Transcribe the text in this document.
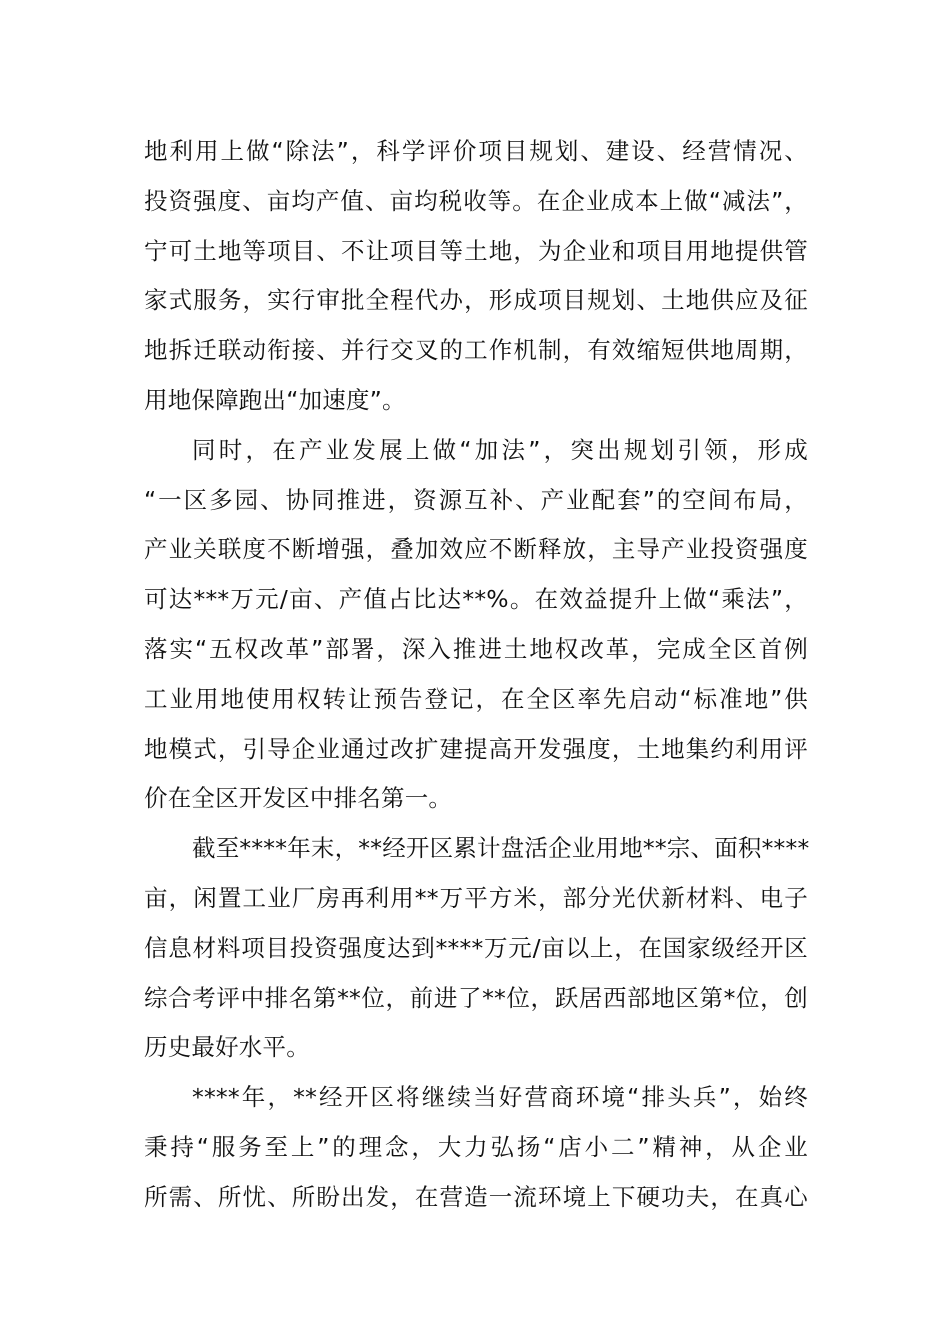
地利用上做“除法”，科学评价项目规划、建设、经营情况、
投资强度、亩均产值、亩均税收等。在企业成本上做“减法”，
宁可土地等项目、不让项目等土地，为企业和项目用地提供管
家式服务，实行审批全程代办，形成项目规划、土地供应及征
地拆迁联动衔接、并行交叉的工作机制，有效缩短供地周期，
用地保障跑出“加速度”。
同时，在产业发展上做“加法”，突出规划引领，形成
“一区多园、协同推进，资源互补、产业配套”的空间布局，
产业关联度不断增强，叠加效应不断释放，主导产业投资强度
可达***万元/亩、产值占比达**%。在效益提升上做“乘法”，
落实“五权改革”部署，深入推进土地权改革，完成全区首例
工业用地使用权转让预告登记，在全区率先启动“标准地”供
地模式，引导企业通过改扩建提高开发强度，土地集约利用评
价在全区开发区中排名第一。
截至****年末，**经开区累计盘活企业用地**宗、面积****
亩，闲置工业厂房再利用**万平方米，部分光伏新材料、电子
信息材料项目投资强度达到****万元/亩以上，在国家级经开区
综合考评中排名第**位，前进了**位，跃居西部地区第*位，创
历史最好水平。
****年，**经开区将继续当好营商环境“排头兵”，始终
秉持“服务至上”的理念，大力弘扬“店小二”精神，从企业
所需、所忧、所盼出发，在营造一流环境上下硬功夫，在真心
